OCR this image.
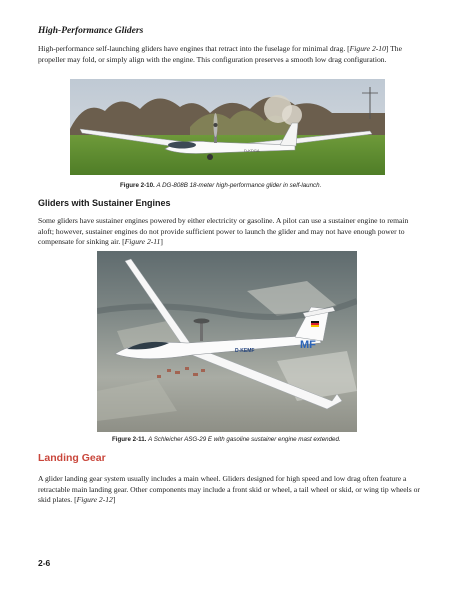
High-Performance Gliders
High-performance self-launching gliders have engines that retract into the fuselage for minimal drag. [Figure 2-10] The propeller may fold, or simply align with the engine. This configuration preserves a smooth low drag configuration.
D-KDGA
Figure 2-10. A DG-808B 18-meter high-performance glider in self-launch.
Gliders with Sustainer Engines
Some gliders have sustainer engines powered by either electricity or gasoline. A pilot can use a sustainer engine to remain aloft; however, sustainer engines do not provide sufficient power to launch the glider and may not have enough power to compensate for sinking air. [Figure 2-11]
MF
D-KEMF
Figure 2-11. A Schleicher ASG-29 E with gasoline sustainer engine mast extended.
Landing Gear
A glider landing gear system usually includes a main wheel. Gliders designed for high speed and low drag often feature a retractable main landing gear. Other components may include a front skid or wheel, a tail wheel or skid, or wing tip wheels or skid plates. [Figure 2-12]
2-6
